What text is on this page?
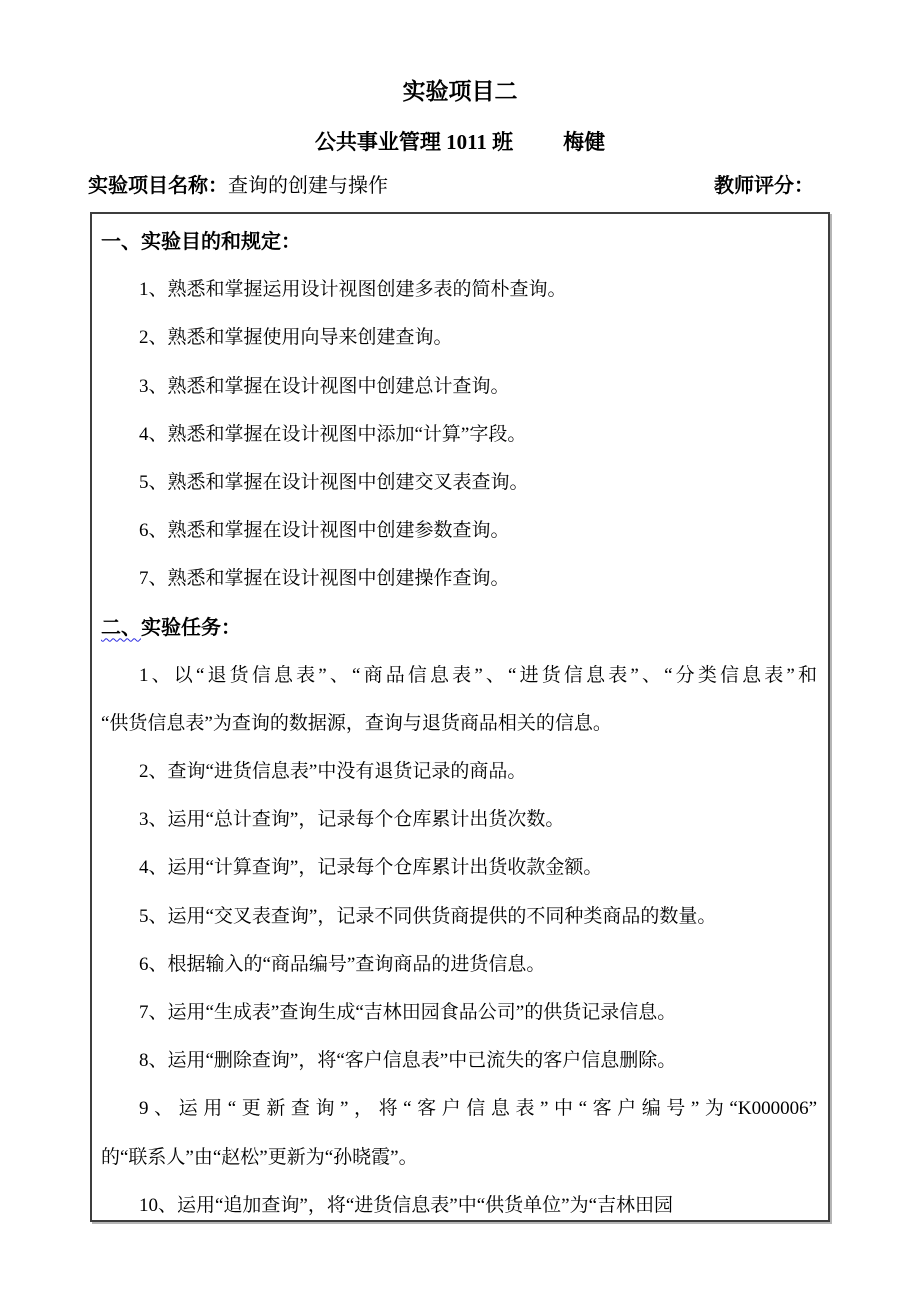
实验项目二
公共事业管理 1011 班 梅健
实验项目名称： 查询的创建与操作	教师评分：
一、实验目的和规定：
1、熟悉和掌握运用设计视图创建多表的简朴查询。
2、熟悉和掌握使用向导来创建查询。
3、熟悉和掌握在设计视图中创建总计查询。
4、熟悉和掌握在设计视图中添加“计算”字段。
5、熟悉和掌握在设计视图中创建交叉表查询。
6、熟悉和掌握在设计视图中创建参数查询。
7、熟悉和掌握在设计视图中创建操作查询。
二、实验任务：
1、以“退货信息表”、“商品信息表”、“进货信息表”、“分类信息表”和
“供货信息表”为查询的数据源，查询与退货商品相关的信息。
2、查询“进货信息表”中没有退货记录的商品。
3、运用“总计查询”，记录每个仓库累计出货次数。
4、运用“计算查询”，记录每个仓库累计出货收款金额。
5、运用“交叉表查询”，记录不同供货商提供的不同种类商品的数量。
6、根据输入的“商品编号”查询商品的进货信息。
7、运用“生成表”查询生成“吉林田园食品公司”的供货记录信息。
8、运用“删除查询”，将“客户信息表”中已流失的客户信息删除。
9、运用“更新查询”，将“客户信息表”中“客户编号”为“K000006”
的“联系人”由“赵松”更新为“孙晓霞”。
10、运用“追加查询”，将“进货信息表”中“供货单位”为“吉林田园
